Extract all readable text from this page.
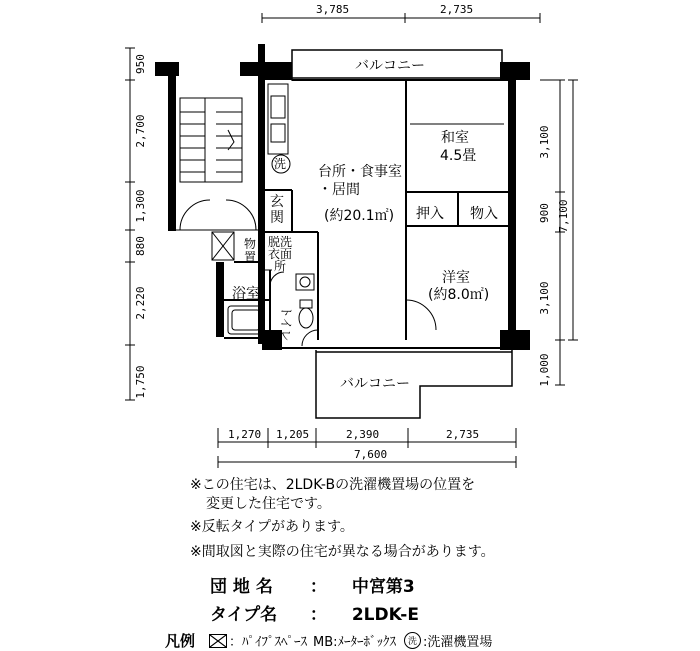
3,785	2,735
950
2,700
1,300
880
2,220
1,750
3,100
900
3,100
1,000
7,100
1,270 1,205	2,390	2,735
7,600
バルコニー
洗
バルコニー
和室
4.5畳
台所・食事室
・居間
(約20.1㎡) 押入 物入
洋室
(約8.0㎡)
玄
関
物
置
脱洗
衣面
所
浴室
トイレ
※この住宅は、2LDK-Bの洗濯機置場の位置を
変更した住宅です。
※反転タイプがあります。
※間取図と実際の住宅が異なる場合があります。
団 地 名 ： 中宮第3
タイプ名 ： 2LDK-E
凡例	：ﾊﾟｲﾌﾟｽﾍﾟｰｽ MB:ﾒｰﾀｰﾎﾞｯｸｽ	洗 :洗濯機置場
